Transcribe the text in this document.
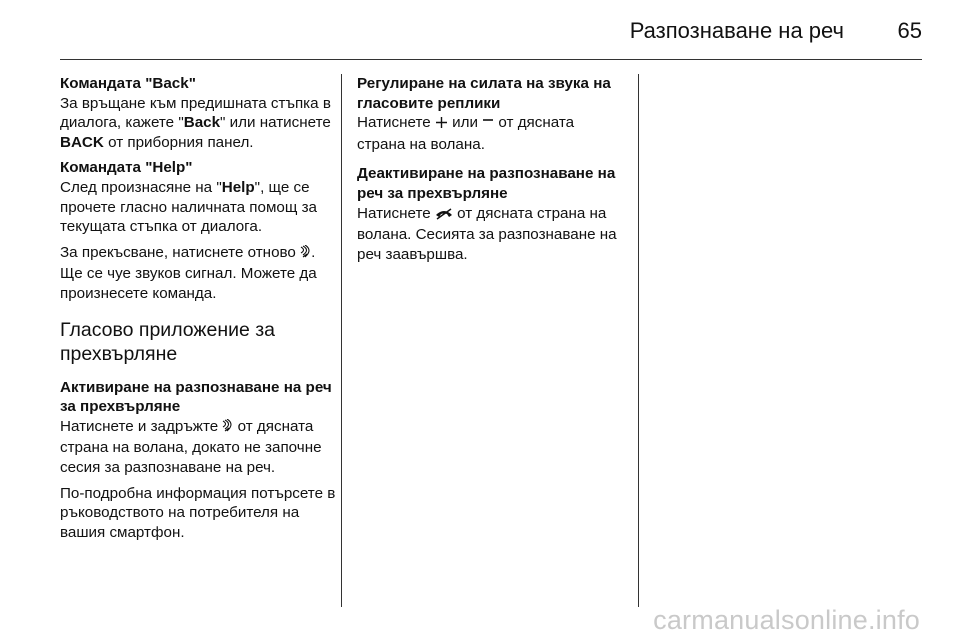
Разпознаване на реч 65
Командата "Back"
За връщане към предишната стъпка в диалога, кажете "Back" или натиснете BACK от приборния панел.
Командата "Help"
След произнасяне на "Help", ще се прочете гласно наличната помощ за текущата стъпка от диалога.
За прекъсване, натиснете отново . Ще се чуе звуков сигнал. Можете да произнесете команда.
Гласово приложение за прехвърляне
Активиране на разпознаване на реч за прехвърляне
Натиснете и задръжте  от дясната страна на волана, докато не започне сесия за разпознаване на реч.
По-подробна информация потърсете в ръководството на потребителя на вашия смартфон.
Регулиране на силата на звука на гласовите реплики
Натиснете  или  от дясната страна на волана.
Деактивиране на разпознаване на реч за прехвърляне
Натиснете  от дясната страна на волана. Сесията за разпознаване на реч заавършва.
carmanualsonline.info
